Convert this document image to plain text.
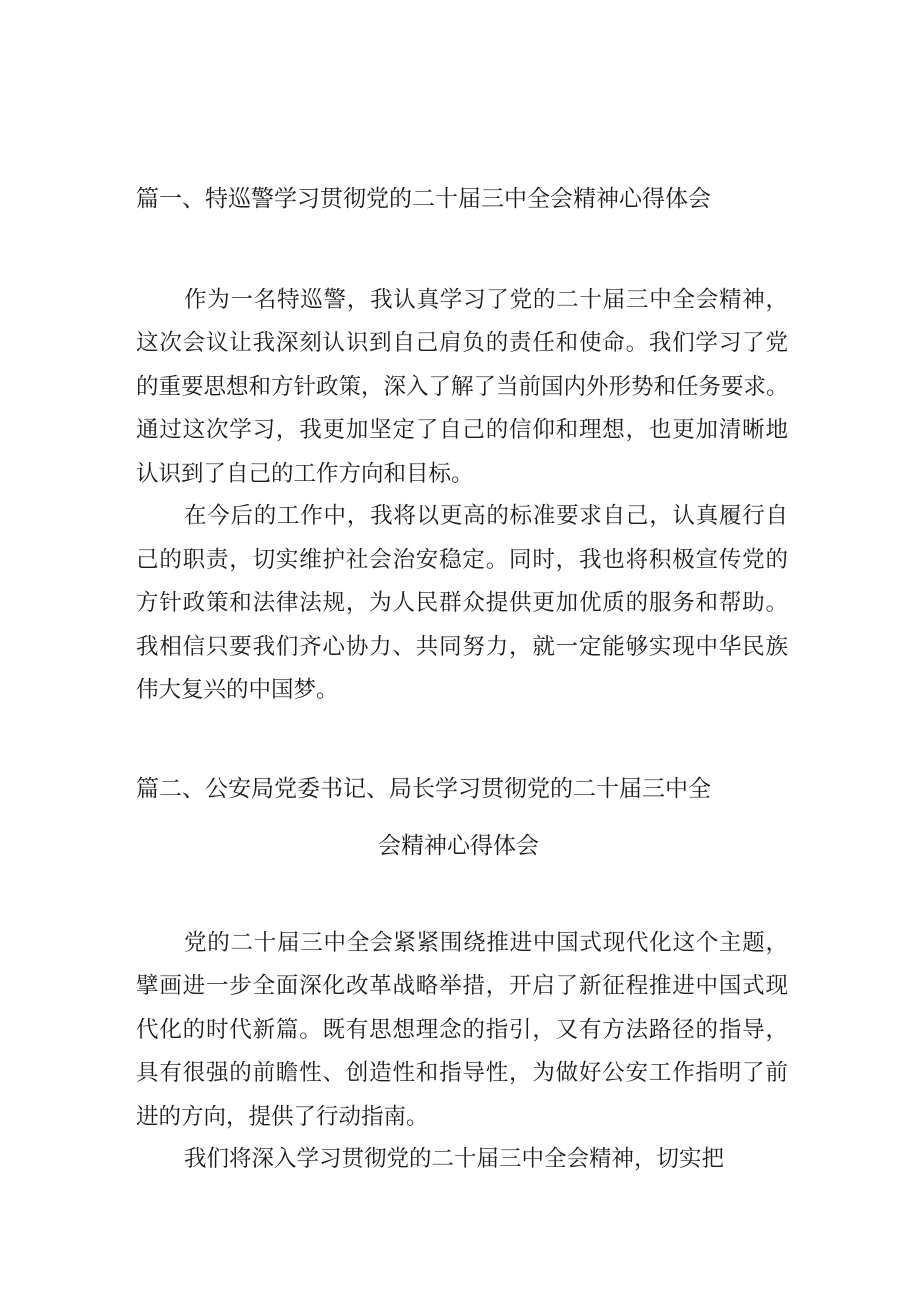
篇一、特巡警学习贯彻党的二十届三中全会精神心得体会

作为一名特巡警，我认真学习了党的二十届三中全会精神，

这次会议让我深刻认识到自己肩负的责任和使命。我们学习了党

的重要思想和方针政策，深入了解了当前国内外形势和任务要求。

通过这次学习，我更加坚定了自己的信仰和理想，也更加清晰地

认识到了自己的工作方向和目标。

在今后的工作中，我将以更高的标准要求自己，认真履行自

己的职责，切实维护社会治安稳定。同时，我也将积极宣传党的

方针政策和法律法规，为人民群众提供更加优质的服务和帮助。

我相信只要我们齐心协力、共同努力，就一定能够实现中华民族

伟大复兴的中国梦。

篇二、公安局党委书记、局长学习贯彻党的二十届三中全
会精神心得体会

党的二十届三中全会紧紧围绕推进中国式现代化这个主题，

擘画进一步全面深化改革战略举措，开启了新征程推进中国式现

代化的时代新篇。既有思想理念的指引，又有方法路径的指导，

具有很强的前瞻性、创造性和指导性，为做好公安工作指明了前

进的方向，提供了行动指南。

我们将深入学习贯彻党的二十届三中全会精神，切实把
